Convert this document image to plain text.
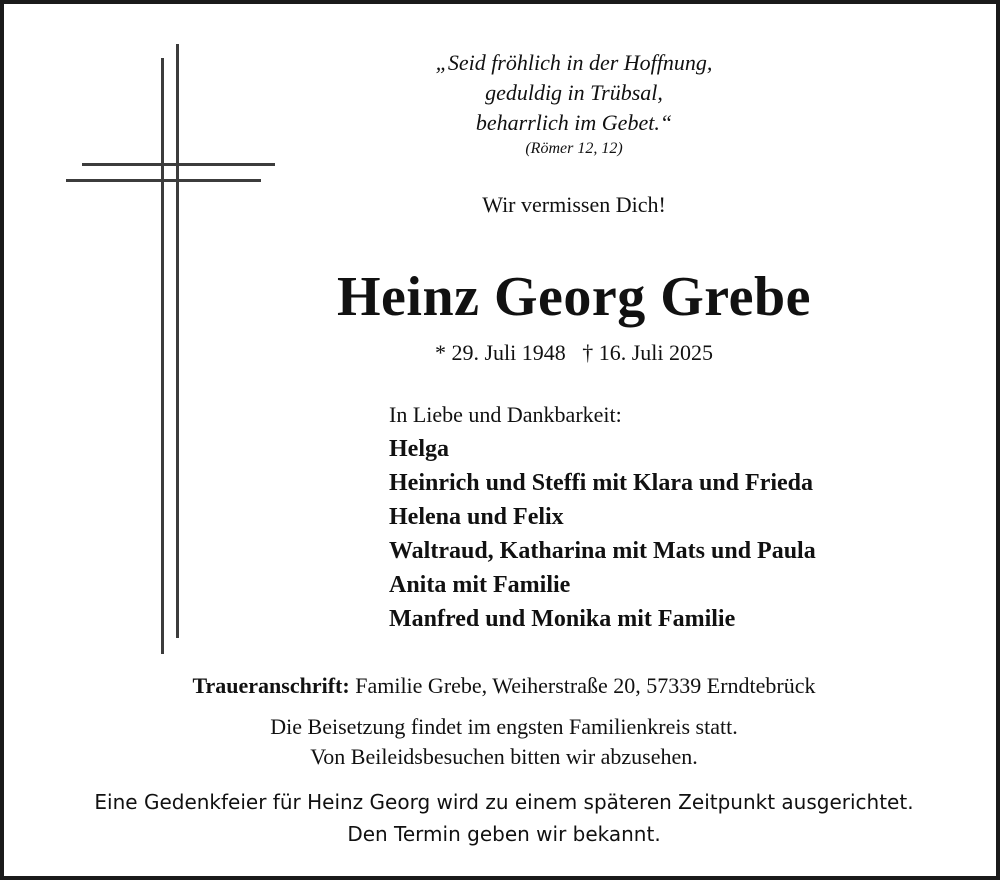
„Seid fröhlich in der Hoffnung,
geduldig in Trübsal,
beharrlich im Gebet.“
(Römer 12, 12)
Wir vermissen Dich!
Heinz Georg Grebe
* 29. Juli 1948 † 16. Juli 2025
In Liebe und Dankbarkeit:
Helga
Heinrich und Steffi mit Klara und Frieda
Helena und Felix
Waltraud, Katharina mit Mats und Paula
Anita mit Familie
Manfred und Monika mit Familie
Traueranschrift: Familie Grebe, Weiherstraße 20, 57339 Erndtebrück
Die Beisetzung findet im engsten Familienkreis statt.
Von Beileidsbesuchen bitten wir abzusehen.
Eine Gedenkfeier für Heinz Georg wird zu einem späteren Zeitpunkt ausgerichtet.
Den Termin geben wir bekannt.
